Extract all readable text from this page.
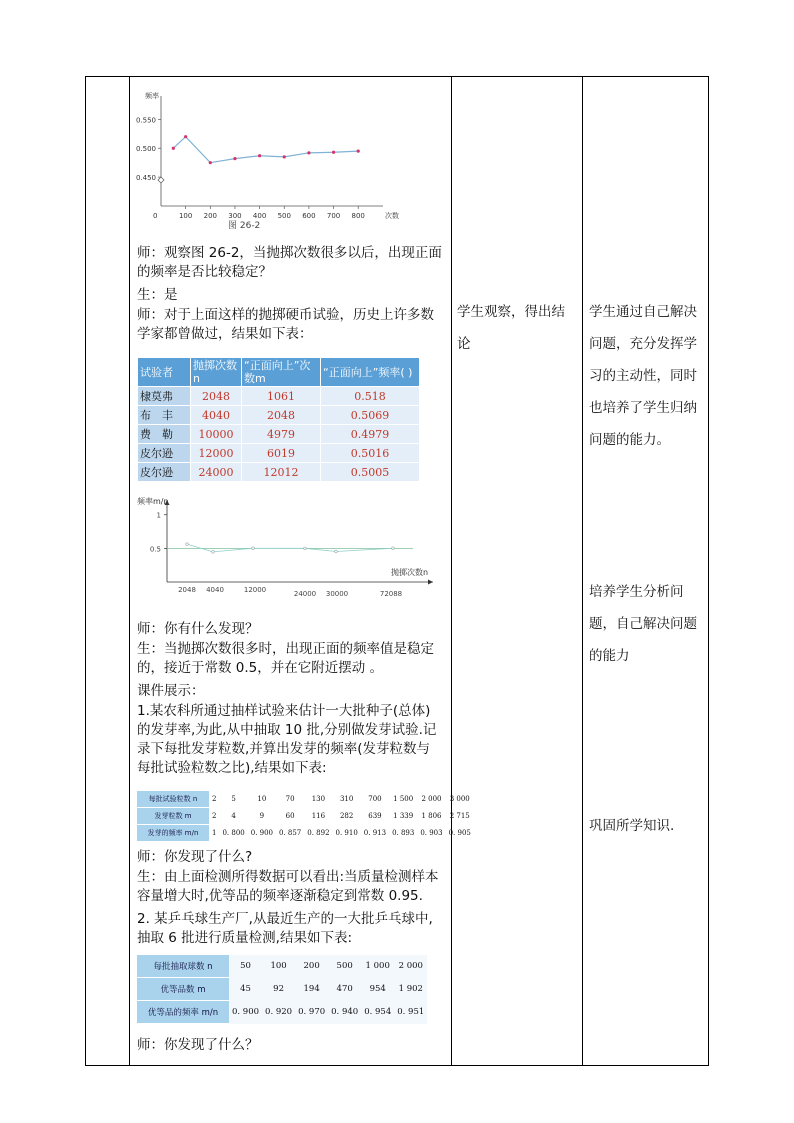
频率
次数
0
0.550
0.500
0.450
100 200 300 400 500 600 700 800
图 26-2
师：观察图 26-2，当抛掷次数很多以后，出现正面的频率是否比较稳定？
生：是
师：对于上面这样的抛掷硬币试验，历史上许多数学家都曾做过，结果如下表：
试验者	抛掷次数n	“正面向上”次数m	“正面向上”频率( )
棣莫弗	2048	1061	0.518
布　丰	4040	2048	0.5069
费　勒	10000	4979	0.4979
皮尔逊	12000	6019	0.5016
皮尔逊	24000	12012	0.5005
频率m/n
抛掷次数n
1
0.5
2048 4040	12000	24000 30000	72088
师：你有什么发现？
生：当抛掷次数很多时，出现正面的频率值是稳定的，接近于常数 0.5，并在它附近摆动 。
课件展示：
1.某农科所通过抽样试验来估计一大批种子(总体)的发芽率,为此,从中抽取 10 批,分别做发芽试验.记录下每批发芽粒数,并算出发芽的频率(发芽粒数与每批试验粒数之比),结果如下表:
每批试验粒数 n	2	5	10	70	130	310	700	1 500	2 000	3 000
发芽粒数 m	2	4	9	60	116	282	639	1 339	1 806	2 715
发芽的频率 m/n	1	0. 800	0. 900	0. 857	0. 892	0. 910	0. 913	0. 893	0. 903	0. 905
师：你发现了什么?
生：由上面检测所得数据可以看出:当质量检测样本容量增大时,优等品的频率逐渐稳定到常数 0.95.
2. 某乒乓球生产厂,从最近生产的一大批乒乓球中,抽取 6 批进行质量检测,结果如下表:
每批抽取球数 n	50	100	200	500	1 000	2 000
优等品数 m	45	92	194	470	954	1 902
优等品的频率 m/n	0. 900	0. 920	0. 970	0. 940	0. 954	0. 951
师：你发现了什么？
学生观察，得出结论
学生通过自己解决问题，充分发挥学习的主动性，同时也培养了学生归纳问题的能力。
培养学生分析问题，自己解决问题的能力
巩固所学知识.
